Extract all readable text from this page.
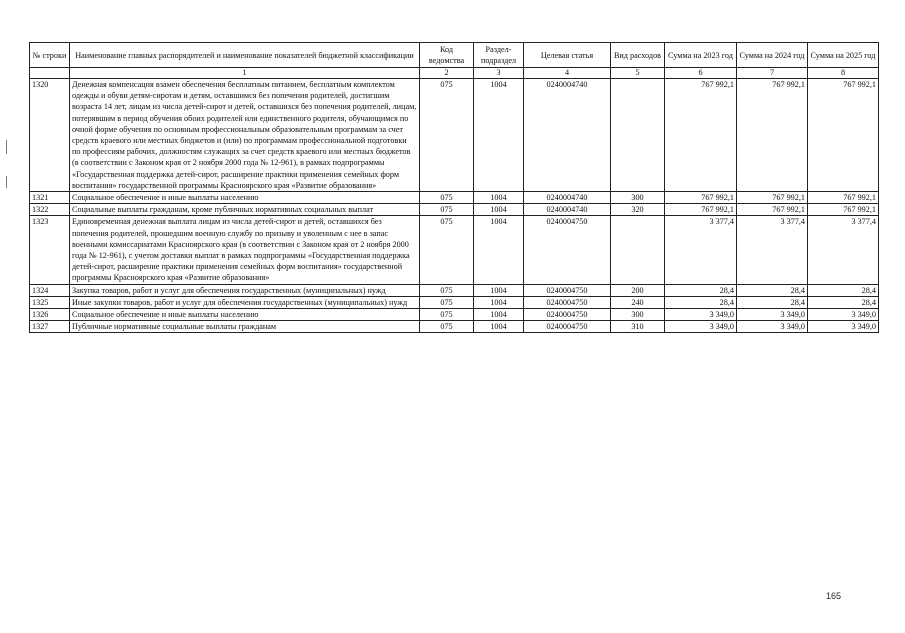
№ строки	Наименование главных распорядителей и наименование показателей бюджетной классификации	Код ведомства	Раздел-подраздел	Целевая статья	Вид расходов	Сумма на 2023 год	Сумма на 2024 год	Сумма на 2025 год
	1	2	3	4	5	6	7	8
1320	Денежная компенсация взамен обеспечения бесплатным питанием, бесплатным комплектом одежды и обуви детям-сиротам и детям, оставшимся без попечения родителей, достигшим возраста 14 лет, лицам из числа детей-сирот и детей, оставшихся без попечения родителей, лицам, потерявшим в период обучения обоих родителей или единственного родителя, обучающимся по очной форме обучения по основным профессиональным образовательным программам за счет средств краевого или местных бюджетов и (или) по программам профессиональной подготовки по профессиям рабочих, должностям служащих за счет средств краевого или местных бюджетов (в соответствии с Законом края от 2 ноября 2000 года № 12-961), в рамках подпрограммы «Государственная поддержка детей-сирот, расширение практики применения семейных форм воспитания» государственной программы Красноярского края «Развитие образования»	075	1004	0240004740		767 992,1	767 992,1	767 992,1
1321	Социальное обеспечение и иные выплаты населению	075	1004	0240004740	300	767 992,1	767 992,1	767 992,1
1322	Социальные выплаты гражданам, кроме публичных нормативных социальных выплат	075	1004	0240004740	320	767 992,1	767 992,1	767 992,1
1323	Единовременная денежная выплата лицам из числа детей-сирот и детей, оставшихся без попечения родителей, прошедшим военную службу по призыву и уволенным с нее в запас военными комиссариатами Красноярского края (в соответствии с Законом края от 2 ноября 2000 года № 12-961), с учетом доставки выплат в рамках подпрограммы «Государственная поддержка детей-сирот, расширение практики применения семейных форм воспитания» государственной программы Красноярского края «Развитие образования»	075	1004	0240004750		3 377,4	3 377,4	3 377,4
1324	Закупка товаров, работ и услуг для обеспечения государственных (муниципальных) нужд	075	1004	0240004750	200	28,4	28,4	28,4
1325	Иные закупки товаров, работ и услуг для обеспечения государственных (муниципальных) нужд	075	1004	0240004750	240	28,4	28,4	28,4
1326	Социальное обеспечение и иные выплаты населению	075	1004	0240004750	300	3 349,0	3 349,0	3 349,0
1327	Публичные нормативные социальные выплаты гражданам	075	1004	0240004750	310	3 349,0	3 349,0	3 349,0
165
